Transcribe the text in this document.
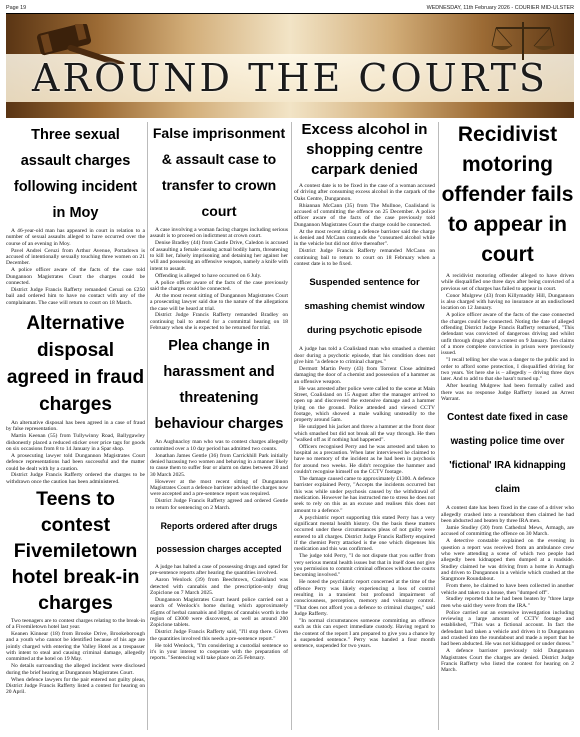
Page 19	WEDNESDAY, 11th February 2026 - COURIER MID-ULSTER
AROUND THE COURTS
Three sexual assault charges following incident in Moy

A 46-year-old man has appeared in court in relation to a number of sexual assaults alleged to have occurred over the course of an evening in Moy.

Pavel Andrei Ceruzi from Arthur Avenue, Portadown is accused of intentionally sexually touching three women on 21 December.

A police officer aware of the facts of the case told Dungannon Magistrates Court the charges could be connected.

District Judge Francis Rafferty remanded Ceruzi on £250 bail and ordered him to have no contact with any of the complainants. The case will return to court on 18 March.

Alternative disposal agreed in fraud charges

An alternative disposal has been agreed in a case of fraud by false representation.

Martin Keenan (55) from Tullywinny Road, Ballygawley dishonestly placed a reduced sticker over price tags for goods on six occasions from 8 to 14 January in a Spar shop.

A prosecuting lawyer told Dungannon Magistrates Court defence representations had been successful and the matter could be dealt with by a caution.

District Judge Francis Rafferty ordered the charges to be withdrawn once the caution has been administered.

Teens to contest Fivemiletown hotel break-in charges

Two teenagers are to contest charges relating to the break-in of a Fivemiletown hotel last year.

Keanen Kinnear (18) from Brooke Drive, Brookeborough and a youth who cannot be identified because of his age are jointly charged with entering the Valley Hotel as a trespasser with intent to steal and causing criminal damage, allegedly committed at the hotel on 19 May.

No details surrounding the alleged incident were disclosed during the brief hearing at Dungannon Magistrates Court.

When defence lawyers for the pair entered not guilty pleas, District Judge Francis Rafferty listed a contest for hearing on 20 April.

False imprisonment & assault case to transfer to crown court

A case involving a woman facing charges including serious assault is to proceed on indictment at crown court.

Denise Bradley (44) from Castle Drive, Caledon is accused of assaulting a female causing actual bodily harm, threatening to kill her, falsely imprisoning and detaining her against her will and possessing an offensive weapon, namely a knife with intent to assault.

Offending is alleged to have occurred on 6 July.

A police officer aware of the facts of the case previously said the charges could be connected.

At the most recent sitting of Dungannon Magistrates Court a prosecuting lawyer said due to the nature of the allegations the case will be heard at trial.

District Judge Francis Rafferty remanded Bradley on continuing bail to attend for a committal hearing on 18 February when she is expected to be returned for trial.

Plea change in harassment and threatening behaviour charges

An Aughnacloy man who was to contest charges allegedly committed over a 10 day period has admitted two counts.

Jonathan James Gentle (36) from Carrickhill Park initially denied harassing two women and behaving in a manner likely to cause them to suffer fear or alarm on dates between 20 and 30 March 2025.

However at the most recent sitting of Dungannon Magistrates Court a defence barrister advised the charges now were accepted and a pre-sentence report was required.

District Judge Francis Rafferty agreed and ordered Gentle to return for sentencing on 2 March.

Reports ordered after drugs possession charges accepted

A judge has halted a case of possessing drugs and opted for pre-sentence reports after hearing the quantities involved.

Aaron Wenlock (39) from Beechtown, Coalisland was detected with cannabis and the prescription-only drug Zopiclone on 7 March 2025.

Dungannon Magistrates Court heard police carried out a search of Wenlock's home during which approximately 45gms of herbal cannabis and 30gms of cannabis worth in the region of £3000 were discovered, as well as around 200 Zopiclone tablets.

District Judge Francis Rafferty said, "I'll stop there. Given the quantities involved this needs a pre-sentence report."

He told Wenlock, "I'm considering a custodial sentence so it's in your interest to cooperate with the preparation of reports. "Sentencing will take place on 25 February.

Excess alcohol in shopping centre carpark denied

A contest date is to be fixed in the case of a woman accused of driving after consuming excess alcohol in the carpark of the Oaks Centre, Dungannon.

Rhiannan McCann (35) from The Mullnoe, Coalisland is accused of committing the offence on 25 December. A police officer aware of the facts of the case previously told Dungannon Magistrates Court the charge could be connected.

At the most recent sitting a defence barrister said the charge is denied and McCann contends she "consumed alcohol while in the vehicle but did not drive thereafter".

District Judge Francis Rafferty remanded McCann on continuing bail to return to court on 18 February when a contest date is to be fixed.

Suspended sentence for smashing chemist window during psychotic episode

A judge has told a Coalisland man who smashed a chemist door during a psychotic episode, that his condition does not give him "a defence to criminal charges."

Dermott Martin Perry (43) from Torrent Close admitted damaging the door of a chemist and possession of a hammer as an offensive weapon.

He was arrested after police were called to the scene at Main Street, Coalisland on 15 August after the manager arrived to open up and discovered the extensive damage and a hammer lying on the ground. Police attended and viewed CCTV footage, which showed a male walking unsteadily to the property around 5am.

He unzipped his jacket and threw a hammer at the front door which smashed but did not break all the way through. He then "walked off as if nothing had happened".

Officers recognised Perry and he was arrested and taken to hospital as a precaution. When later interviewed he claimed to have no memory of the incident as he had been in psychosis for around two weeks. He didn't recognise the hammer and couldn't recognise himself on the CCTV footage.

The damage caused came to approximately £1300. A defence barrister explained Perry, "Accepts the incidents occurred but this was while under psychosis caused by the withdrawal of medication. However he has instructed me to stress he does not seek to rely on this as an excuse and realises this does not amount to a defence."

A psychiatric report supporting this stated Perry has a very significant mental health history. On the basis these matters occurred under these circumstances pleas of not guilty were entered to all charges. District Judge Francis Rafferty enquired if the chemist Perry attacked is the one which dispenses his medication and this was confirmed.

The judge told Perry, "I do not dispute that you suffer from very serious mental health issues but that in itself does not give you permission to commit criminal offences without the courts becoming involved."

He noted the psychiatric report concerned at the time of the offence Perry was likely experiencing a loss of control resulting in a transient but profound impairment of consciousness, perception, memory and voluntary control. "That does not afford you a defence to criminal charges," said Judge Rafferty.

"In normal circumstances someone committing an offence such as this can expect immediate custody. Having regard to the content of the report I am prepared to give you a chance by a suspended sentence." Perry was handed a four month sentence, suspended for two years.

Recidivist motoring offender fails to appear in court

A recidivist motoring offender alleged to have driven while disqualified one three days after being convicted of a previous set of charges has failed to appear in court.

Conor Mulgrew (43) from Killymaddy Hill, Dungannon is also charged with having no insurance at an undisclosed location on 12 January.

A police officer aware of the facts of the case connected the charges could be connected. Noting the date of alleged offending District Judge Francis Rafferty remarked, "This defendant was convicted of dangerous driving and whilst unfit through drugs after a contest on 9 January. Ten claims of a more complete conviction in prison were previously issued.

"I recall telling her she was a danger to the public and in order to afford some protection, I disqualified driving for two years. Yet here she is – allegedly – driving three days later. And to add to that she hasn't turned up."

After hearing Mulgrew had been formally called and there was no response Judge Rafferty issued an Arrest Warrant.

Contest date fixed in case wasting police time over 'fictional' IRA kidnapping claim

A contest date has been fixed in the case of a driver who allegedly crashed into a roundabout then claimed he had been abducted and beaten by three IRA men.

Jamie Studley (30) from Cathedral Mews, Armagh, are accused of committing the offence on 30 March.

A detective constable explained on the evening in question a report was received from an ambulance crew who were attending a scene of which two people had allegedly been kidnapped then dumped at a roadside. Studley claimed he was driving from a home in Armagh and driven to Dungannon in a vehicle which crashed at the Stangmore Roundabout.

From there, he claimed to have been collected in another vehicle and taken to a house, then "dumped off".

Studley reported that he had been beaten by "three large men who said they were from the IRA."

Police carried out an extensive investigation including reviewing a large amount of CCTV footage and established, "This was a fictional account. In fact the defendant had taken a vehicle and driven it to Dungannon and crashed into the roundabout and made a report that he had been abducted. He was not kidnapped or under duress."

A defence barrister previously told Dungannon Magistrates Court the charges are denied. District Judge Francis Rafferty who listed the contest for hearing on 2 March.
